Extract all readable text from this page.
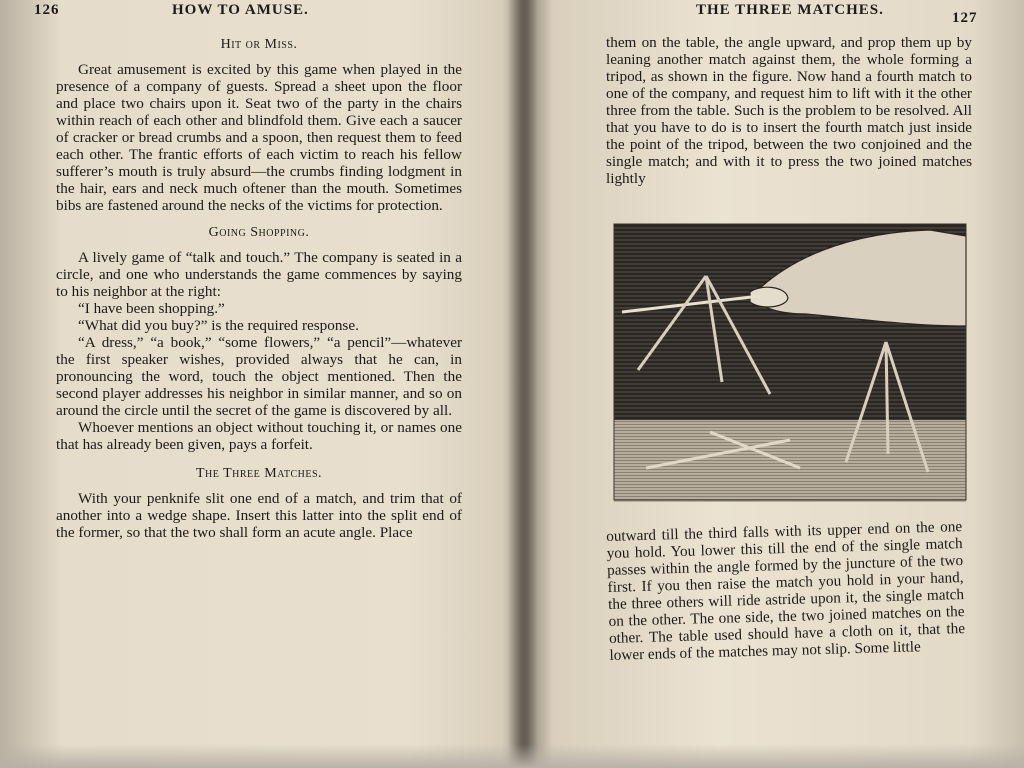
126	HOW TO AMUSE.
Hit or Miss.

Great amusement is excited by this game when played in the presence of a company of guests. Spread a sheet upon the floor and place two chairs upon it. Seat two of the party in the chairs within reach of each other and blindfold them. Give each a saucer of cracker or bread crumbs and a spoon, then request them to feed each other. The frantic efforts of each victim to reach his fellow sufferer’s mouth is truly absurd—the crumbs finding lodgment in the hair, ears and neck much oftener than the mouth. Sometimes bibs are fastened around the necks of the victims for protection.

Going Shopping.

A lively game of “talk and touch.” The company is seated in a circle, and one who understands the game commences by saying to his neighbor at the right:

“I have been shopping.”

“What did you buy?” is the required response.

“A dress,” “a book,” “some flowers,” “a pencil”—whatever the first speaker wishes, provided always that he can, in pronouncing the word, touch the object mentioned. Then the second player addresses his neighbor in similar manner, and so on around the circle until the secret of the game is discovered by all.

Whoever mentions an object without touching it, or names one that has already been given, pays a forfeit.

The Three Matches.

With your penknife slit one end of a match, and trim that of another into a wedge shape. Insert this latter into the split end of the former, so that the two shall form an acute angle. Place

THE THREE MATCHES.	127

them on the table, the angle upward, and prop them up by leaning another match against them, the whole forming a tripod, as shown in the figure. Now hand a fourth match to one of the company, and request him to lift with it the other three from the table. Such is the problem to be resolved. All that you have to do is to insert the fourth match just inside the point of the tripod, between the two conjoined and the single match; and with it to press the two joined matches lightly

outward till the third falls with its upper end on the one you hold. You lower this till the end of the single match passes within the angle formed by the juncture of the two first. If you then raise the match you hold in your hand, the three others will ride astride upon it, the single match on the other. The one side, the two joined matches on the other. The table used should have a cloth on it, that the lower ends of the matches may not slip. Some little
